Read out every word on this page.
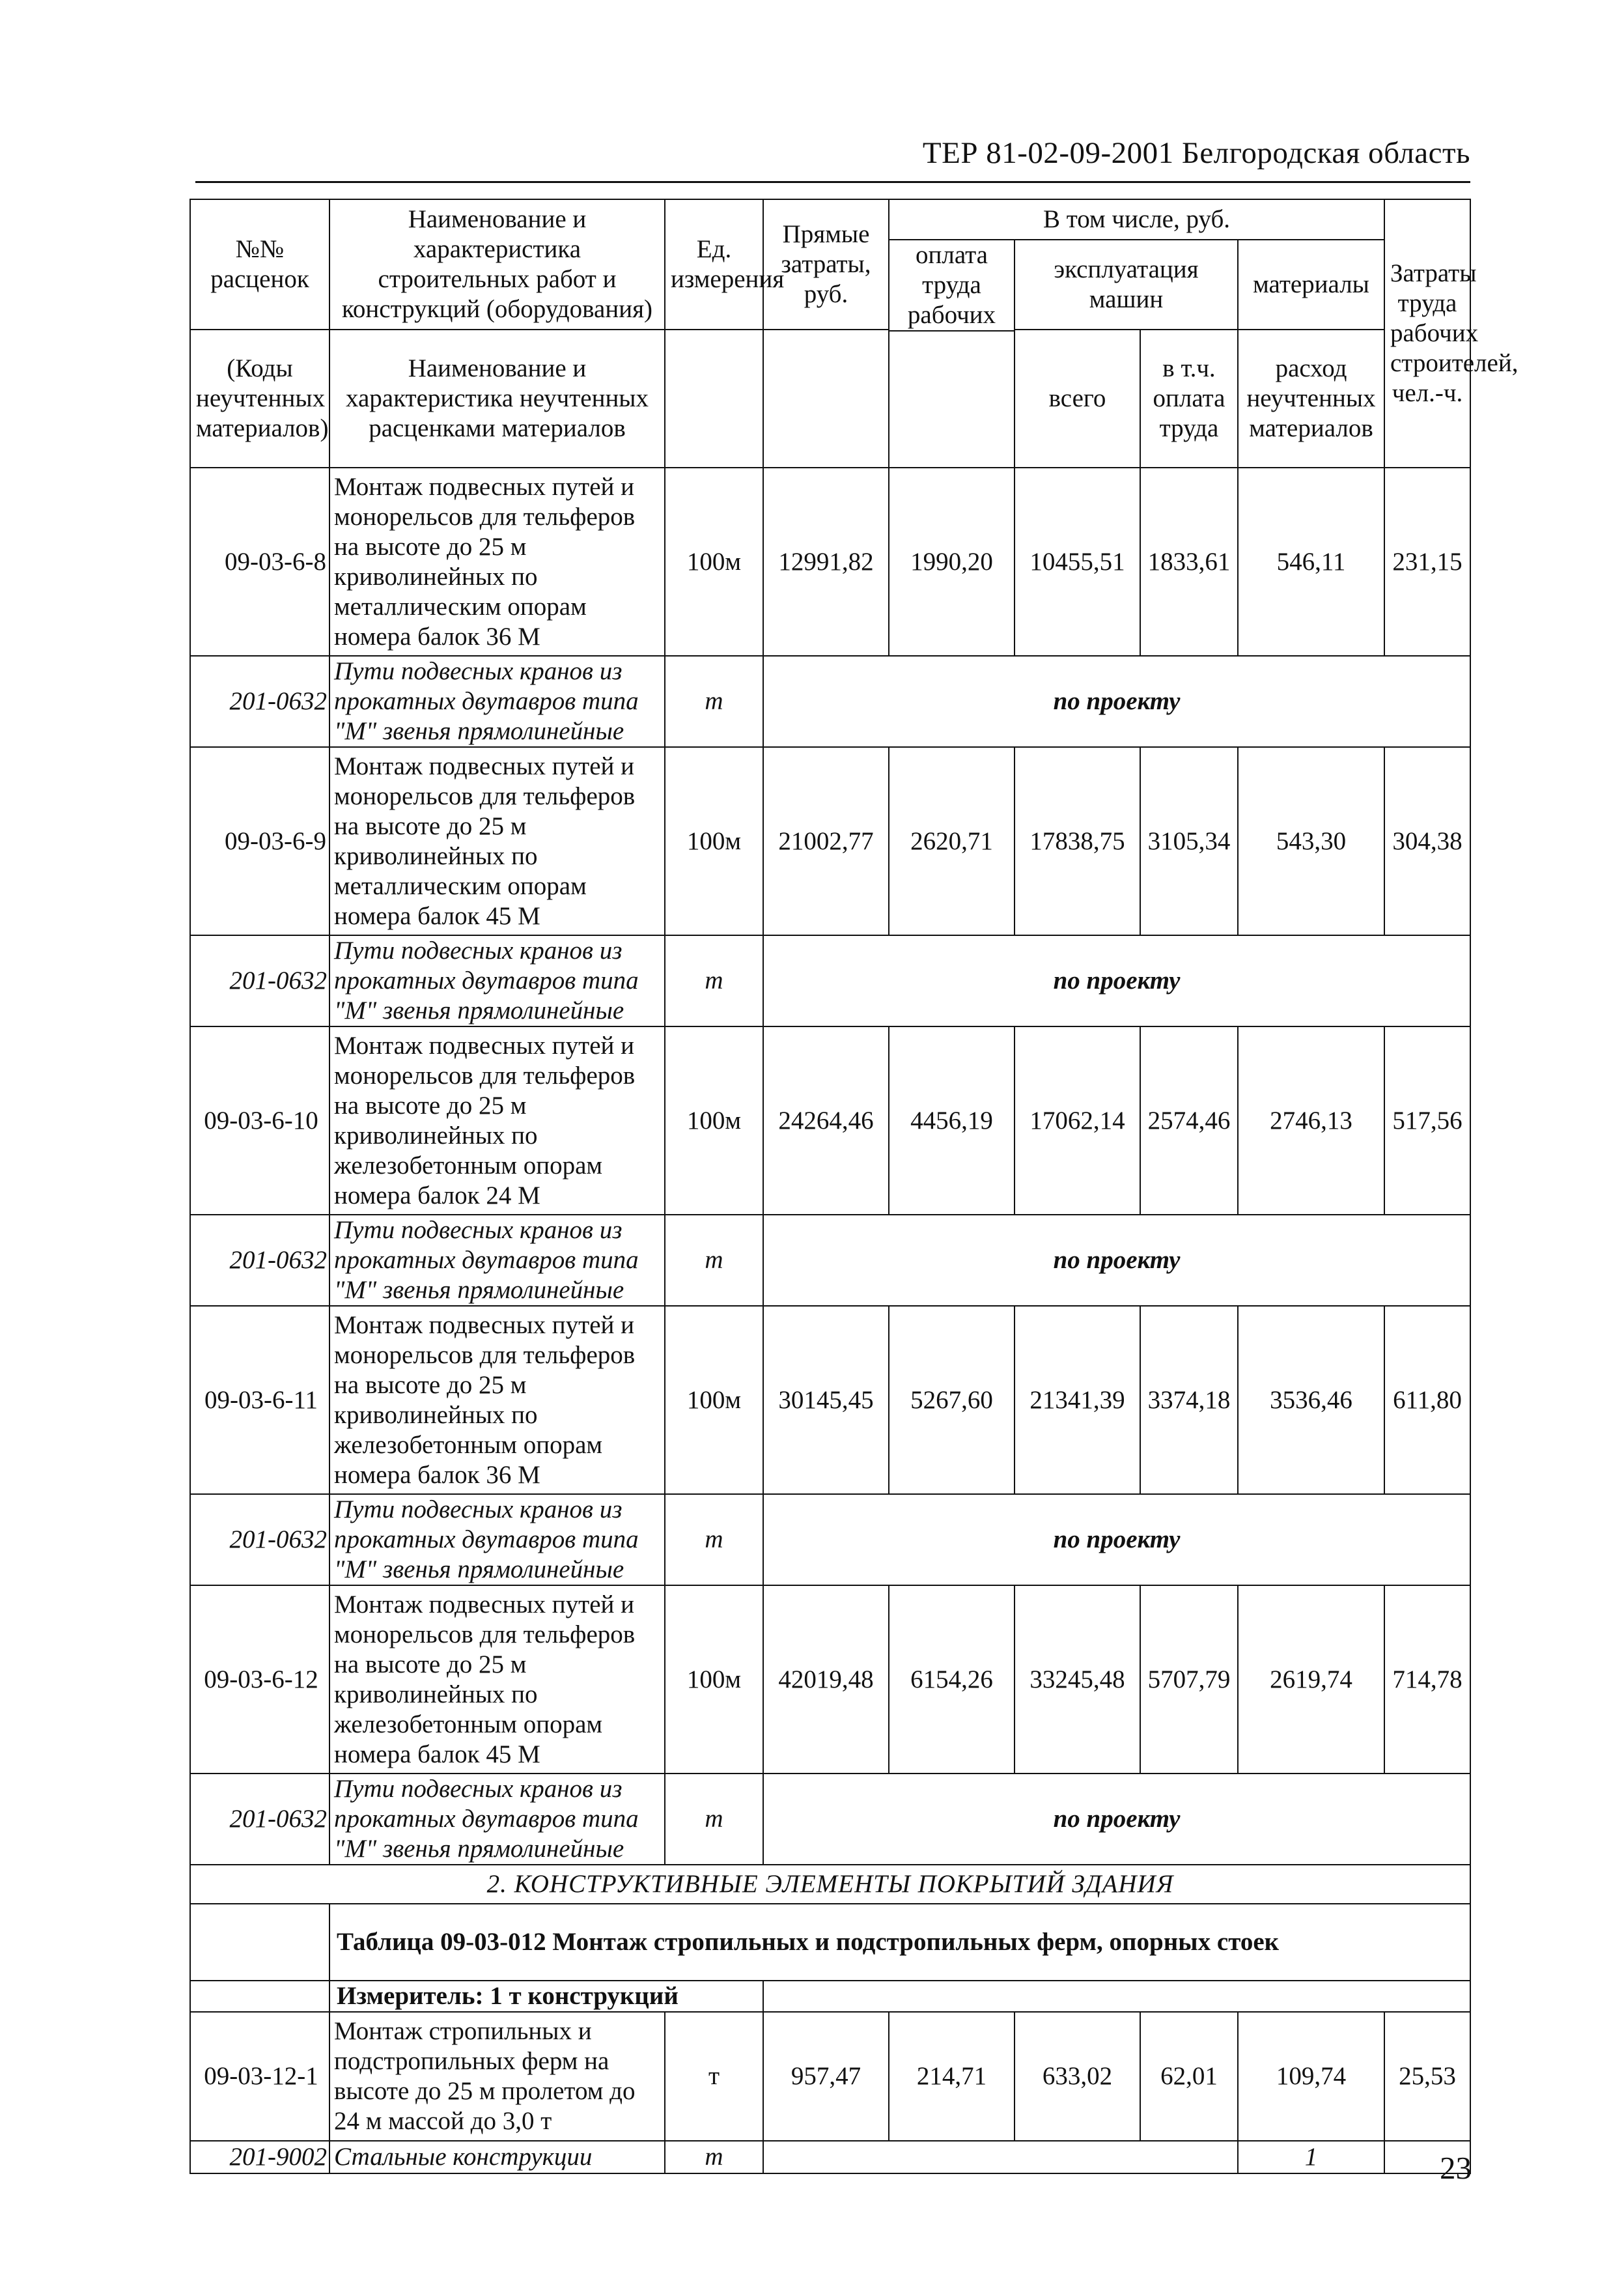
ТЕР 81-02-09-2001 Белгородская область
№№ расценок	Наименование и характеристика строительных работ и конструкций (оборудования)	Ед. измерения	Прямые затраты, руб.	В том числе, руб.				Затраты труда рабочих строителей, чел.-ч.
				оплата труда рабочих	эксплуатация машин		материалы	
(Коды неучтенных материалов)	Наименование и характеристика неучтенных расценками материалов				всего	в т.ч. оплата труда	расход неучтенных материалов	

09-03-6-8	Монтаж подвесных путей и монорельсов для тельферов на высоте до 25 м криволинейных по металлическим опорам номера балок 36 М	100м	12991,82	1990,20	10455,51	1833,61	546,11	231,15
201-0632	Пути подвесных кранов из прокатных двутавров типа "М" звенья прямолинейные	т	по проекту					
09-03-6-9	Монтаж подвесных путей и монорельсов для тельферов на высоте до 25 м криволинейных по металлическим опорам номера балок 45 М	100м	21002,77	2620,71	17838,75	3105,34	543,30	304,38
201-0632	Пути подвесных кранов из прокатных двутавров типа "М" звенья прямолинейные	т	по проекту					
09-03-6-10	Монтаж подвесных путей и монорельсов для тельферов на высоте до 25 м криволинейных по железобетонным опорам номера балок 24 М	100м	24264,46	4456,19	17062,14	2574,46	2746,13	517,56
201-0632	Пути подвесных кранов из прокатных двутавров типа "М" звенья прямолинейные	т	по проекту					
09-03-6-11	Монтаж подвесных путей и монорельсов для тельферов на высоте до 25 м криволинейных по железобетонным опорам номера балок 36 М	100м	30145,45	5267,60	21341,39	3374,18	3536,46	611,80
201-0632	Пути подвесных кранов из прокатных двутавров типа "М" звенья прямолинейные	т	по проекту					
09-03-6-12	Монтаж подвесных путей и монорельсов для тельферов на высоте до 25 м криволинейных по железобетонным опорам номера балок 45 М	100м	42019,48	6154,26	33245,48	5707,79	2619,74	714,78
201-0632	Пути подвесных кранов из прокатных двутавров типа "М" звенья прямолинейные	т	по проекту					
2. КОНСТРУКТИВНЫЕ ЭЛЕМЕНТЫ ПОКРЫТИЙ ЗДАНИЯ								
	Таблица 09-03-012 Монтаж стропильных и подстропильных ферм, опорных стоек							
	Измеритель: 1 т конструкций							
09-03-12-1	Монтаж стропильных и подстропильных ферм на высоте до 25 м пролетом до 24 м массой до 3,0 т	т	957,47	214,71	633,02	62,01	109,74	25,53
201-9002	Стальные конструкции	т					1		23
